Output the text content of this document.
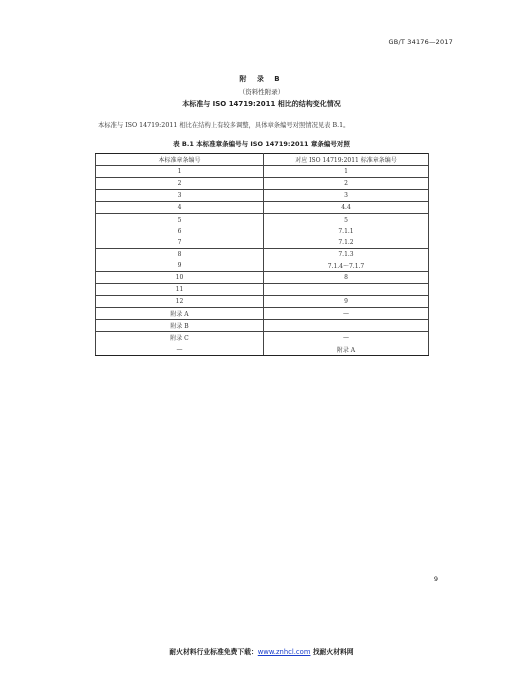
GB/T 34176—2017
附 录 B
（资料性附录）
本标准与 ISO 14719:2011 相比的结构变化情况
本标准与 ISO 14719:2011 相比在结构上有较多调整，具体章条编号对照情况见表 B.1。
表 B.1 本标准章条编号与 ISO 14719:2011 章条编号对照
本标准章条编号	对应 ISO 14719:2011 标准章条编号
1	1
2	2
3	3
4	4.4
5	5
6	7.1.1
7	7.1.2
8	7.1.3
9	7.1.4～7.1.7
10	8
11	
12	9
附录 A	—
附录 B	
附录 C	—
—	附录 A
9
耐火材料行业标准免费下载：www.znhcl.com 找耐火材料网
